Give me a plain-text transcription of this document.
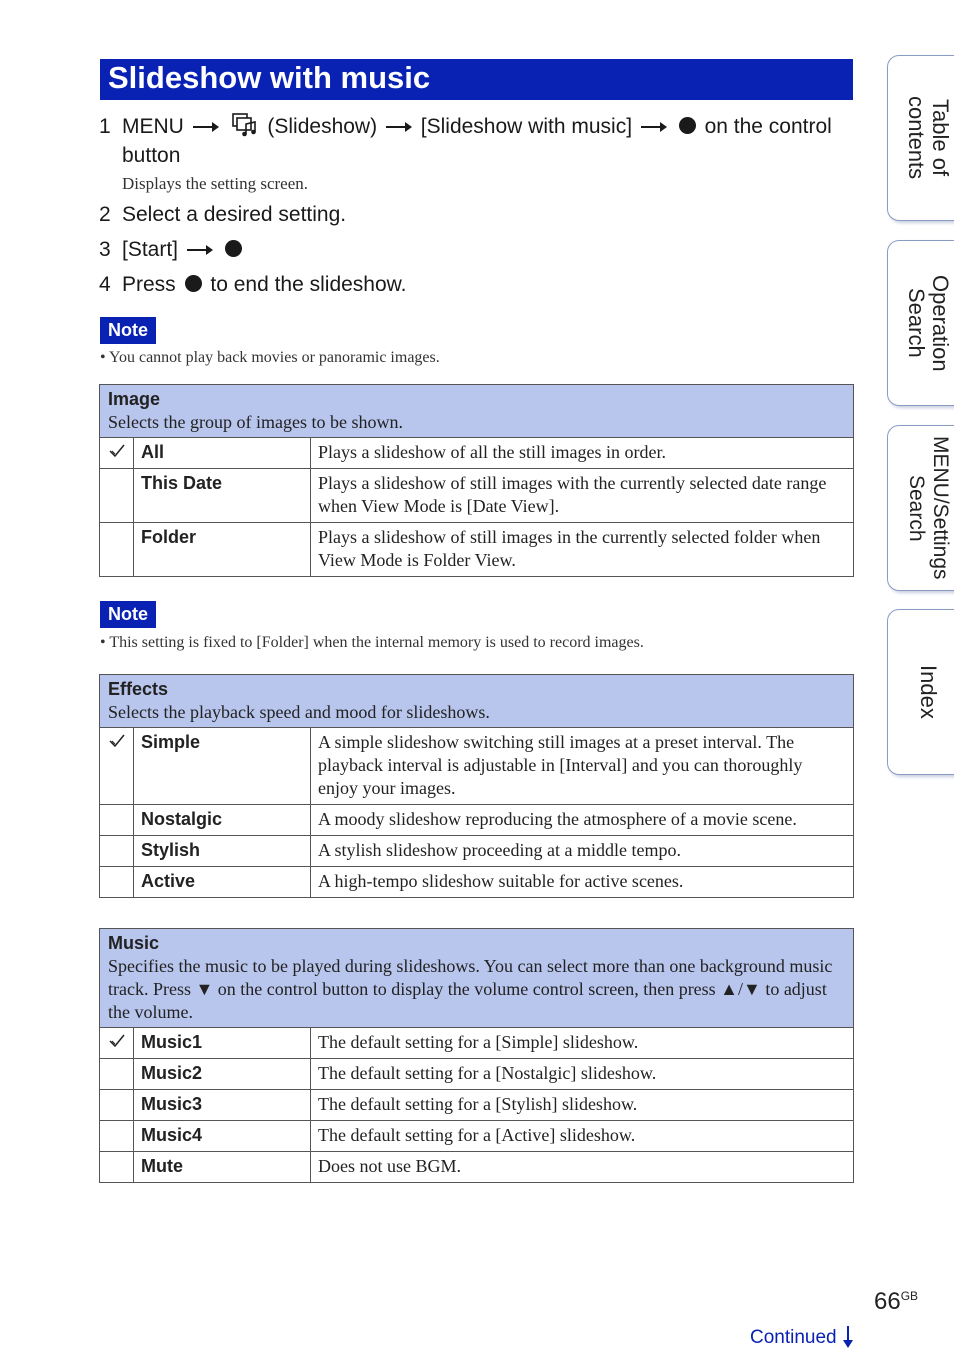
Slideshow with music
1 MENU	(Slideshow) [Slideshow with music]	on the control
button
Displays the setting screen.
2 Select a desired setting.
3 [Start]
4 Press to end the slideshow.
Note
• You cannot play back movies or panoramic images.
Image
Selects the group of images to be shown.		

	All	Plays a slideshow of all the still images in order.
	This Date	Plays a slideshow of still images with the currently selected date range when View Mode is [Date View].
	Folder	Plays a slideshow of still images in the currently selected folder when View Mode is Folder View.
Note
• This setting is fixed to [Folder] when the internal memory is used to record images.
Effects
Selects the playback speed and mood for slideshows.		

	Simple	A simple slideshow switching still images at a preset interval. The playback interval is adjustable in [Interval] and you can thoroughly enjoy your images.
	Nostalgic	A moody slideshow reproducing the atmosphere of a movie scene.
	Stylish	A stylish slideshow proceeding at a middle tempo.
	Active	A high-tempo slideshow suitable for active scenes.
Music
Specifies the music to be played during slideshows. You can select more than one background music track. Press ▼ on the control button to display the volume control screen, then press ▲/▼ to adjust the volume.		

	Music1	The default setting for a [Simple] slideshow.
	Music2	The default setting for a [Nostalgic] slideshow.
	Music3	The default setting for a [Stylish] slideshow.
	Music4	The default setting for a [Active] slideshow.
	Mute	Does not use BGM.
Table of contents
Operation Search
MENU/Settings Search
Index
$66^{GB}$
Continued
